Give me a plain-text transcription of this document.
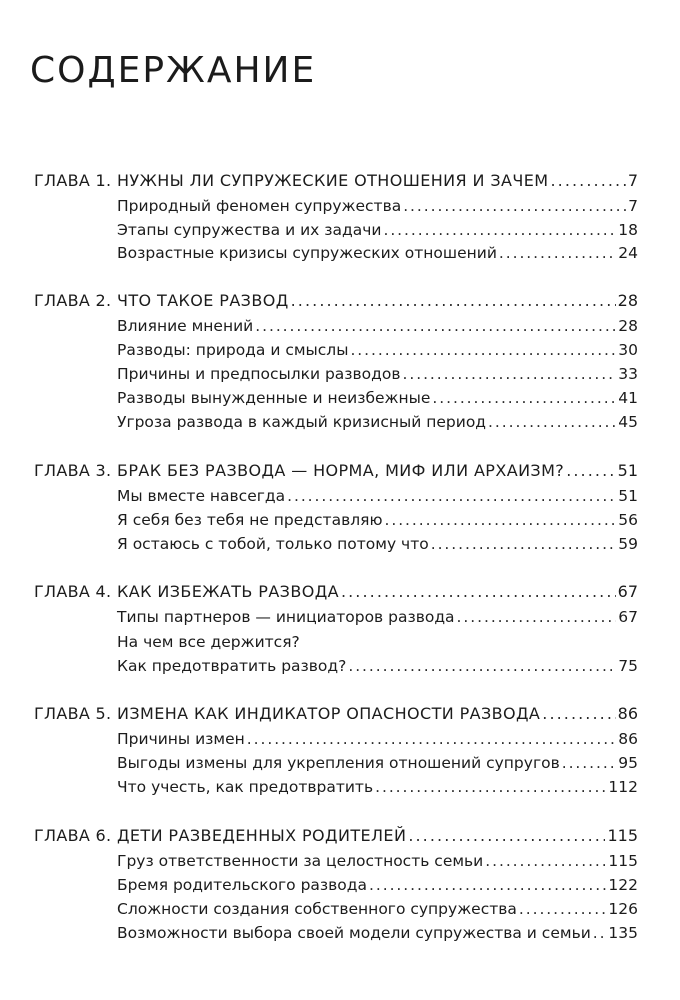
СОДЕРЖАНИЕ
ГЛАВА 1. НУЖНЫ ЛИ СУПРУЖЕСКИЕ ОТНОШЕНИЯ И ЗАЧЕМ . . .	7
Природный феномен супружества . . .	7
Этапы супружества и их задачи . . .	18
Возрастные кризисы супружеских отношений . . .	24
ГЛАВА 2. ЧТО ТАКОЕ РАЗВОД . . .	28
Влияние мнений . . .	28
Разводы: природа и смыслы . . .	30
Причины и предпосылки разводов . . .	33
Разводы вынужденные и неизбежные . . .	41
Угроза развода в каждый кризисный период . . .	45
ГЛАВА 3. БРАК БЕЗ РАЗВОДА — НОРМА, МИФ ИЛИ АРХАИЗМ? . . .	51
Мы вместе навсегда . . .	51
Я себя без тебя не представляю . . .	56
Я остаюсь с тобой, только потому что . . .	59
ГЛАВА 4. КАК ИЗБЕЖАТЬ РАЗВОДА . . .	67
Типы партнеров — инициаторов развода . . .	67
На чем все держится?
Как предотвратить развод? . . .	75
ГЛАВА 5. ИЗМЕНА КАК ИНДИКАТОР ОПАСНОСТИ РАЗВОДА . . .	86
Причины измен . . .	86
Выгоды измены для укрепления отношений супругов . . .	95
Что учесть, как предотвратить . . .	112
ГЛАВА 6. ДЕТИ РАЗВЕДЕННЫХ РОДИТЕЛЕЙ . . .	115
Груз ответственности за целостность семьи . . .	115
Бремя родительского развода . . .	122
Сложности создания собственного супружества . . .	126
Возможности выбора своей модели супружества и семьи . . . 135
